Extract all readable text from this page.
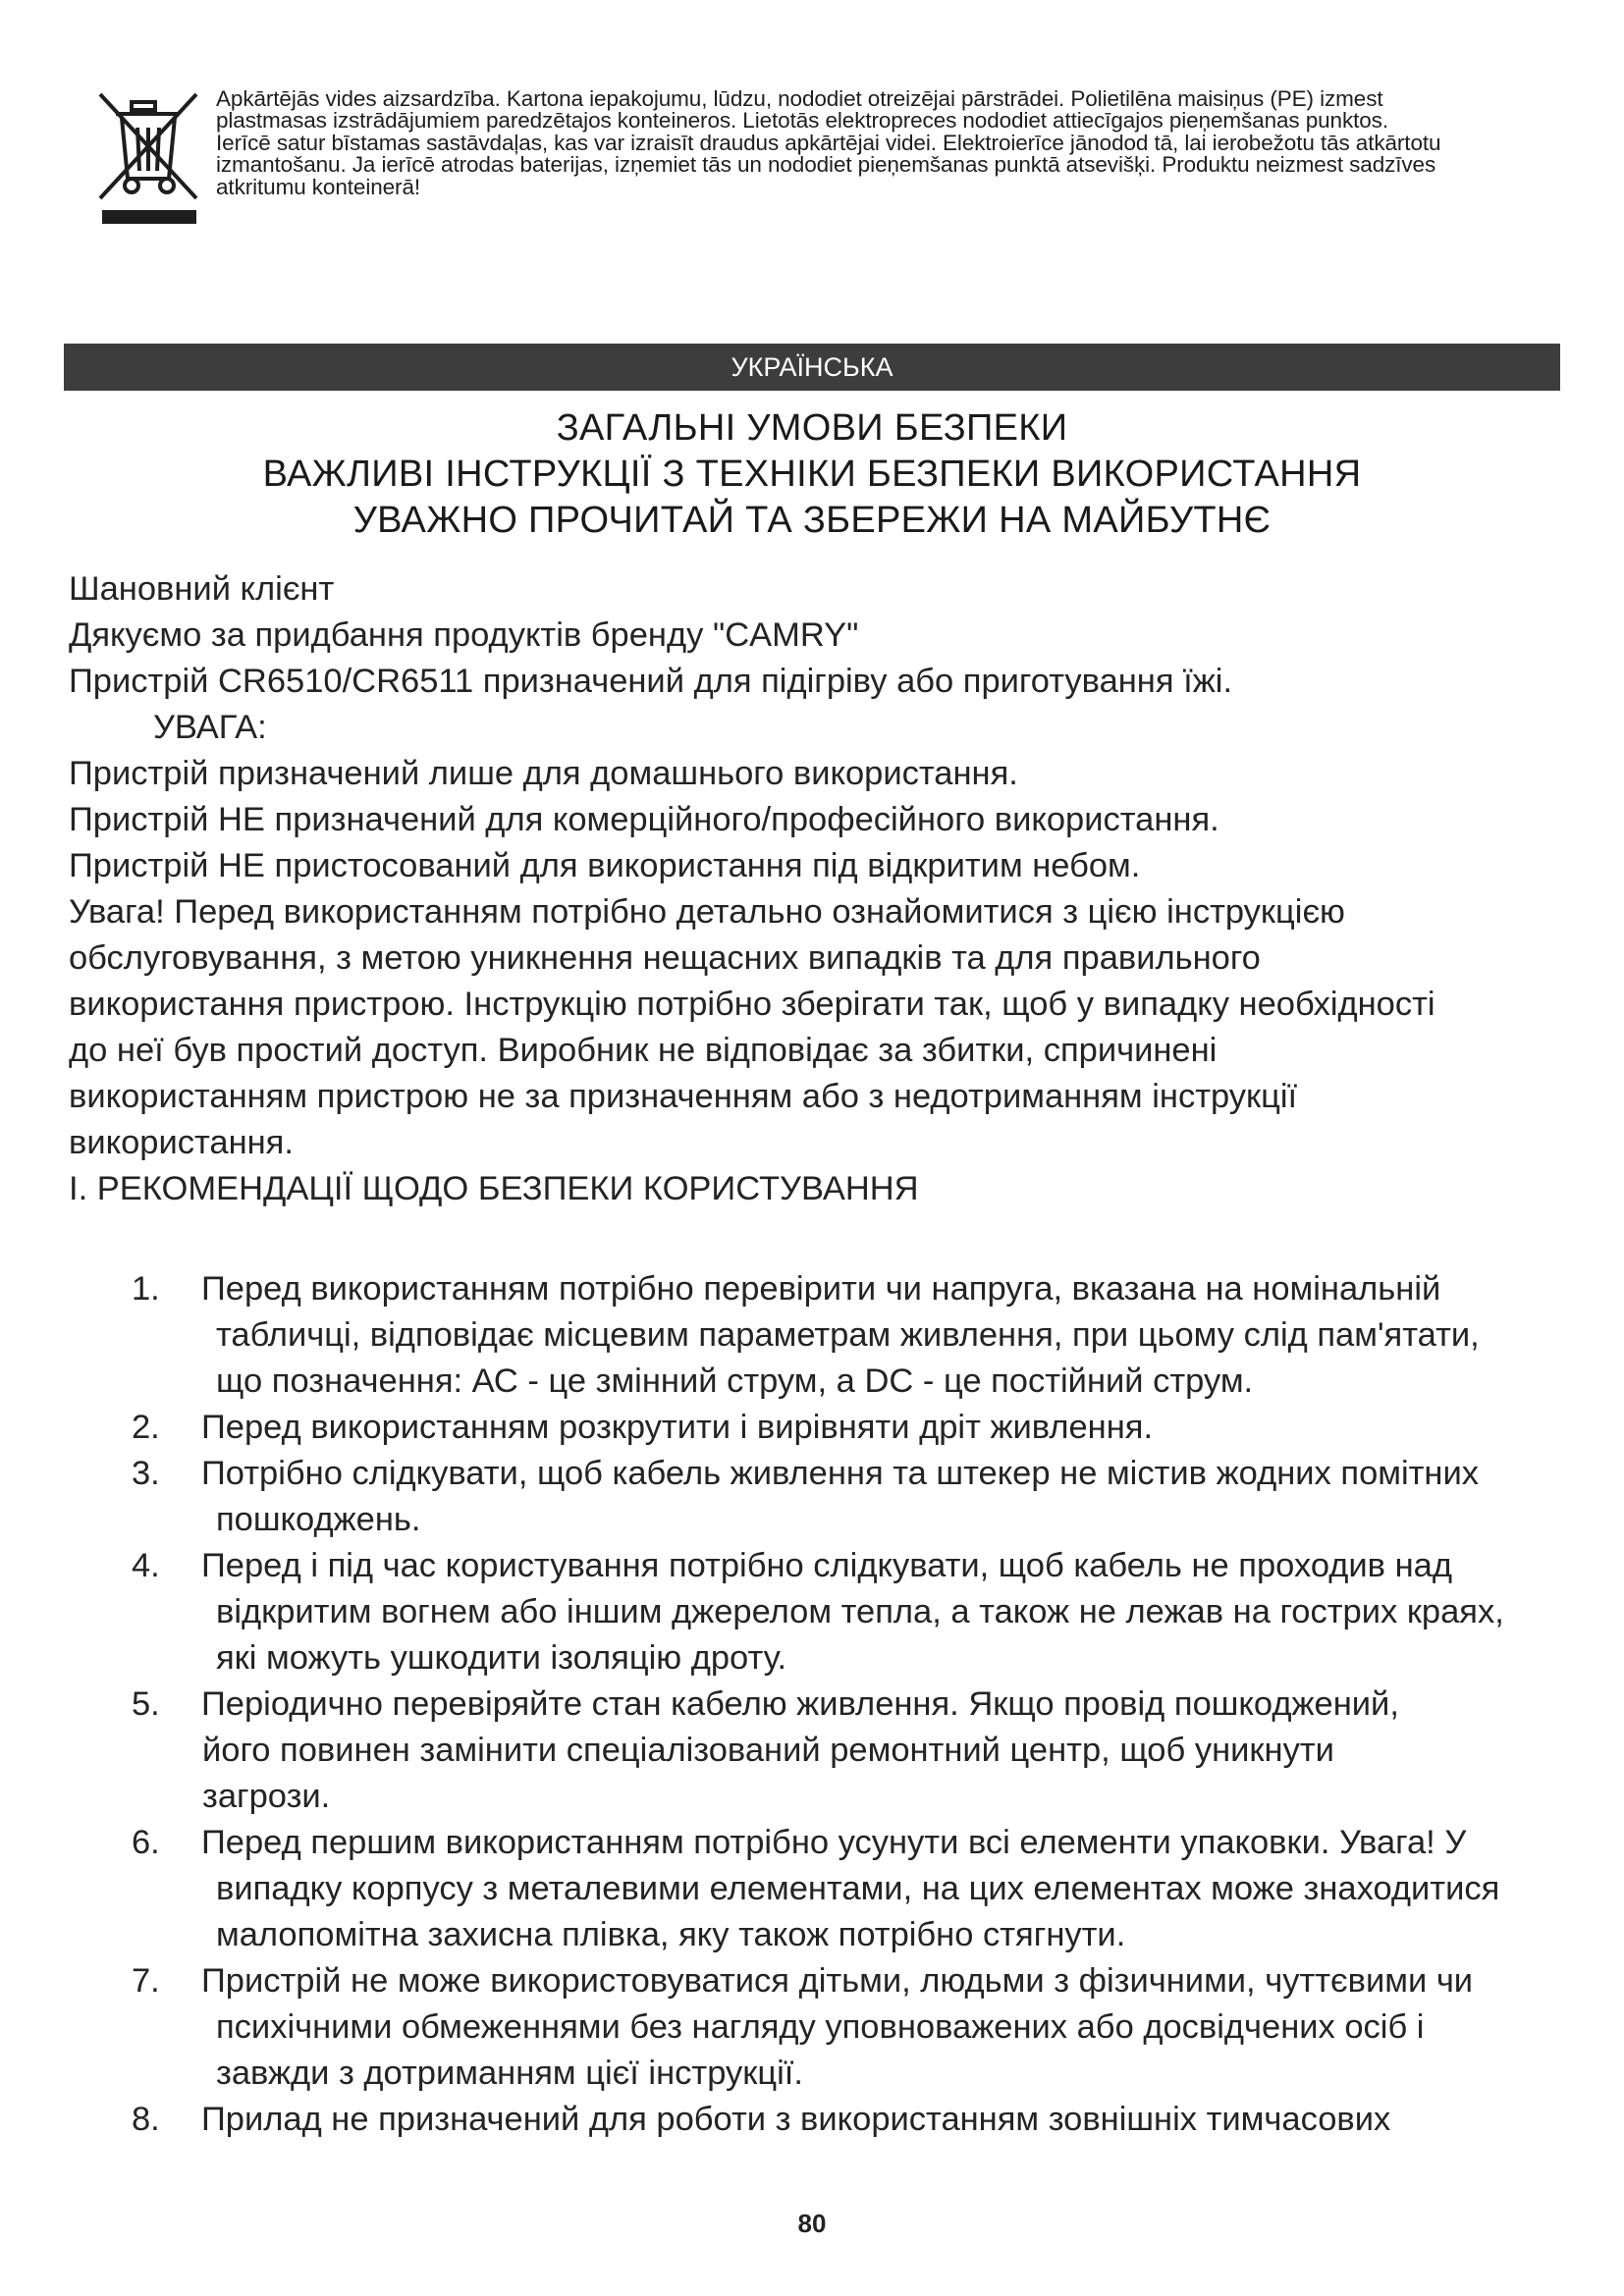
Apkārtējās vides aizsardzība. Kartona iepakojumu, lūdzu, nododiet otreizējai pārstrādei. Polietilēna maisiņus (PE) izmest

plastmasas izstrādājumiem paredzētajos konteineros. Lietotās elektropreces nododiet attiecīgajos pieņemšanas punktos.

Ierīcē satur bīstamas sastāvdaļas, kas var izraisīt draudus apkārtējai videi. Elektroierīce jānodod tā, lai ierobežotu tās atkārtotu

izmantošanu. Ja ierīcē atrodas baterijas, izņemiet tās un nododiet pieņemšanas punktā atsevišķi. Produktu neizmest sadzīves

atkritumu konteinerā!

УКРАЇНСЬКА
ЗАГАЛЬНІ УМОВИ БЕЗПЕКИ
ВАЖЛИВІ ІНСТРУКЦІЇ З ТЕХНІКИ БЕЗПЕКИ ВИКОРИСТАННЯ
УВАЖНО ПРОЧИТАЙ ТА ЗБЕРЕЖИ НА МАЙБУТНЄ
Шановний клієнт
Дякуємо за придбання продуктів бренду "CAMRY"
Пристрій CR6510/CR6511 призначений для підігріву або приготування їжі.
УВАГА:
Пристрій призначений лише для домашнього використання.
Пристрій НЕ призначений для комерційного/професійного використання.
Пристрій НЕ пристосований для використання під відкритим небом.
Увага! Перед використанням потрібно детально ознайомитися з цією інструкцією
обслуговування, з метою уникнення нещасних випадків та для правильного
використання пристрою. Інструкцію потрібно зберігати так, щоб у випадку необхідності
до неї був простий доступ. Виробник не відповідає за збитки, спричинені
використанням пристрою не за призначенням або з недотриманням інструкції
використання.
І. РЕКОМЕНДАЦІЇ ЩОДО БЕЗПЕКИ КОРИСТУВАННЯ
1.	Перед використанням потрібно перевірити чи напруга, вказана на номінальній
табличці, відповідає місцевим параметрам живлення, при цьому слід пам'ятати,
що позначення: АС - це змінний струм, а DC - це постійний струм.
2.	Перед використанням розкрутити і вирівняти дріт живлення.
3.	Потрібно слідкувати, щоб кабель живлення та штекер не містив жодних помітних
пошкоджень.
4.	Перед і під час користування потрібно слідкувати, щоб кабель не проходив над
відкритим вогнем або іншим джерелом тепла, а також не лежав на гострих краях,
які можуть ушкодити ізоляцію дроту.
5.	Періодично перевіряйте стан кабелю живлення. Якщо провід пошкоджений,
його повинен замінити спеціалізований ремонтний центр, щоб уникнути
загрози.
6.	Перед першим використанням потрібно усунути всі елементи упаковки. Увага! У
випадку корпусу з металевими елементами, на цих елементах може знаходитися
малопомітна захисна плівка, яку також потрібно стягнути.
7.	Пристрій не може використовуватися дітьми, людьми з фізичними, чуттєвими чи
психічними обмеженнями без нагляду уповноважених або досвідчених осіб і
завжди з дотриманням цієї інструкції.
8.	Прилад не призначений для роботи з використанням зовнішніх тимчасових
80
